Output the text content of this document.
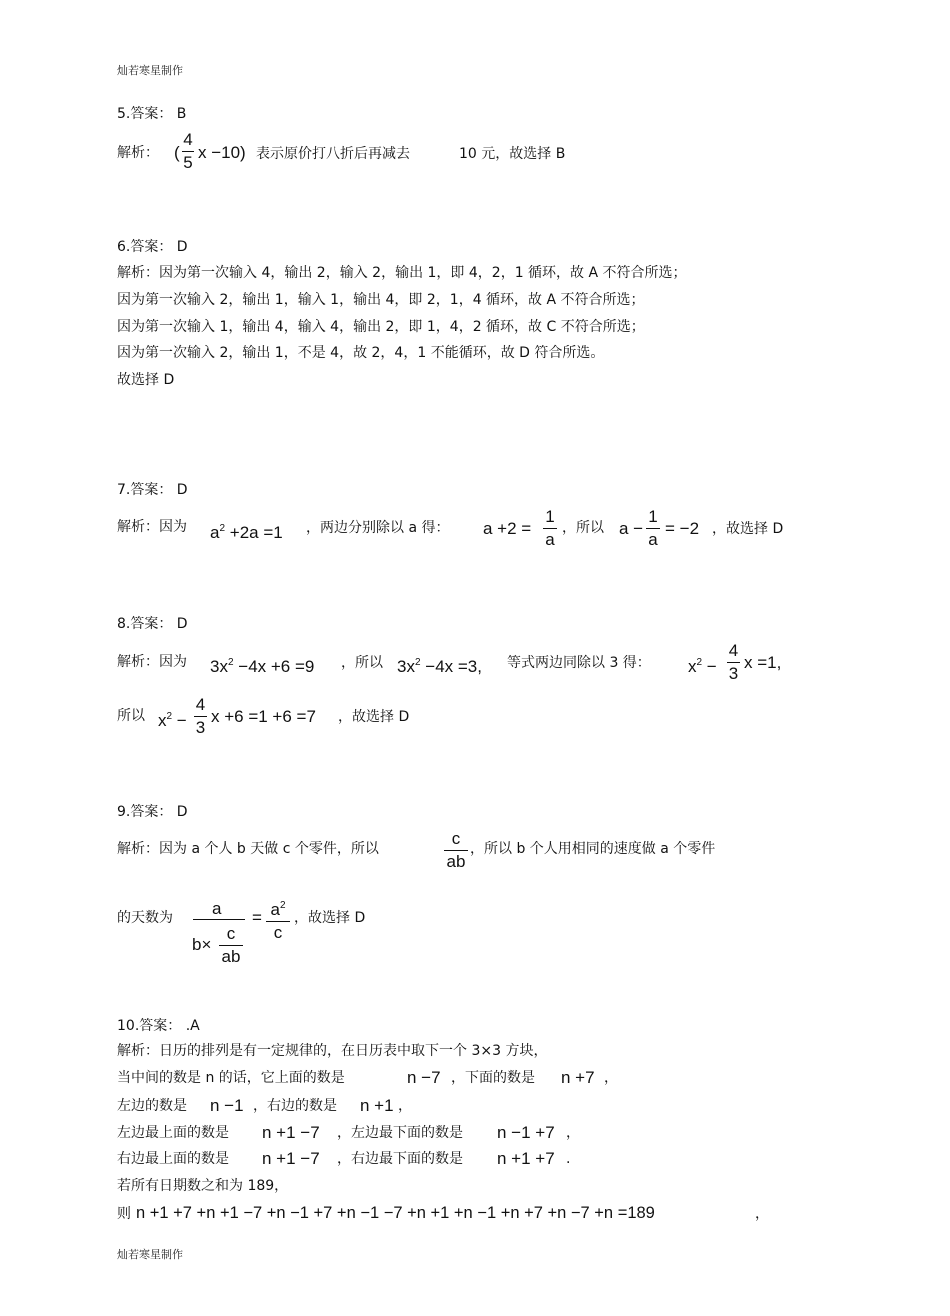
灿若寒星制作
5.答案： B
解析： (
4
5
x −10) 表示原价打八折后再减去	10 元，故选择 B
6.答案： D
解析：因为第一次输入 4，输出 2，输入 2，输出 1，即 4，2，1 循环，故 A 不符合所选；
因为第一次输入 2，输出 1，输入 1，输出 4，即 2，1，4 循环，故 A 不符合所选；
因为第一次输入 1，输出 4，输入 4，输出 2，即 1，4，2 循环，故 C 不符合所选；
因为第一次输入 2，输出 1，不是 4，故 2，4，1 不能循环，故 D 符合所选。
故选择 D
7.答案： D
解析：因为 $a^2 +2a =1$ ，两边分别除以 a 得： a +2 =
1
a
，所以 a −
1
a
= −2 ，故选择 D
8.答案： D
解析：因为 $3x^2 -4x +6 =9$ ，所以 $3x^2 -4x =3$, 等式两边同除以 3 得： $x^2$ −
4
3
x =1,
所以 $x^2$ −
4
3
x +6 =1 +6 =7 ，故选择 D
9.答案： D
解析：因为 a 个人 b 天做 c 个零件，所以
c
ab
，所以 b 个人用相同的速度做 a 个零件
的天数为 a
b×
c
ab
= $a^2$
c
，故选择 D
10.答案： .A
解析：日历的排列是有一定规律的，在日历表中取下一个 3×3 方块，
当中间的数是 n 的话，它上面的数是	n −7 ，下面的数是 n +7 ，
左边的数是 n −1 ，右边的数是 n +1 ，
左边最上面的数是 n +1 −7 ，左边最下面的数是 n −1 +7 ，
右边最上面的数是 n +1 −7 ，右边最下面的数是 n +1 +7 .
若所有日期数之和为 189，
则 n +1 +7 +n +1 −7 +n −1 +7 +n −1 −7 +n +1 +n −1 +n +7 +n −7 +n =189	，
灿若寒星制作
